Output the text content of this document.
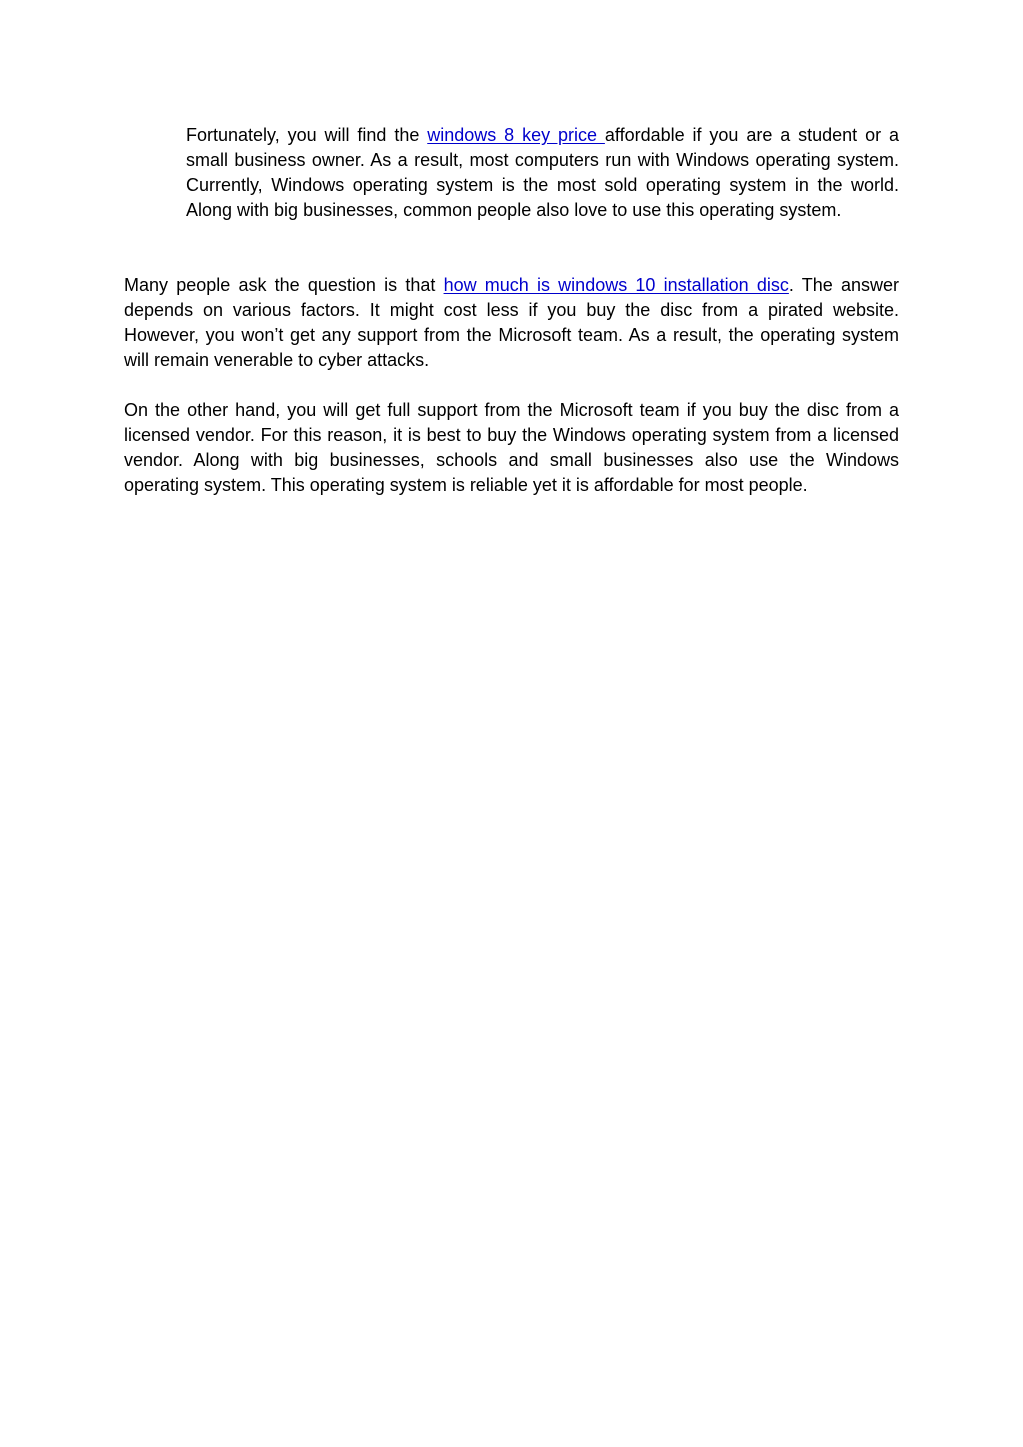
Fortunately, you will find the windows 8 key price affordable if you are a student or a small business owner. As a result, most computers run with Windows operating system. Currently, Windows operating system is the most sold operating system in the world. Along with big businesses, common people also love to use this operating system.

Many people ask the question is that how much is windows 10 installation disc. The answer depends on various factors. It might cost less if you buy the disc from a pirated website. However, you won’t get any support from the Microsoft team. As a result, the operating system will remain venerable to cyber attacks.

On the other hand, you will get full support from the Microsoft team if you buy the disc from a licensed vendor. For this reason, it is best to buy the Windows operating system from a licensed vendor. Along with big businesses, schools and small businesses also use the Windows operating system. This operating system is reliable yet it is affordable for most people.
